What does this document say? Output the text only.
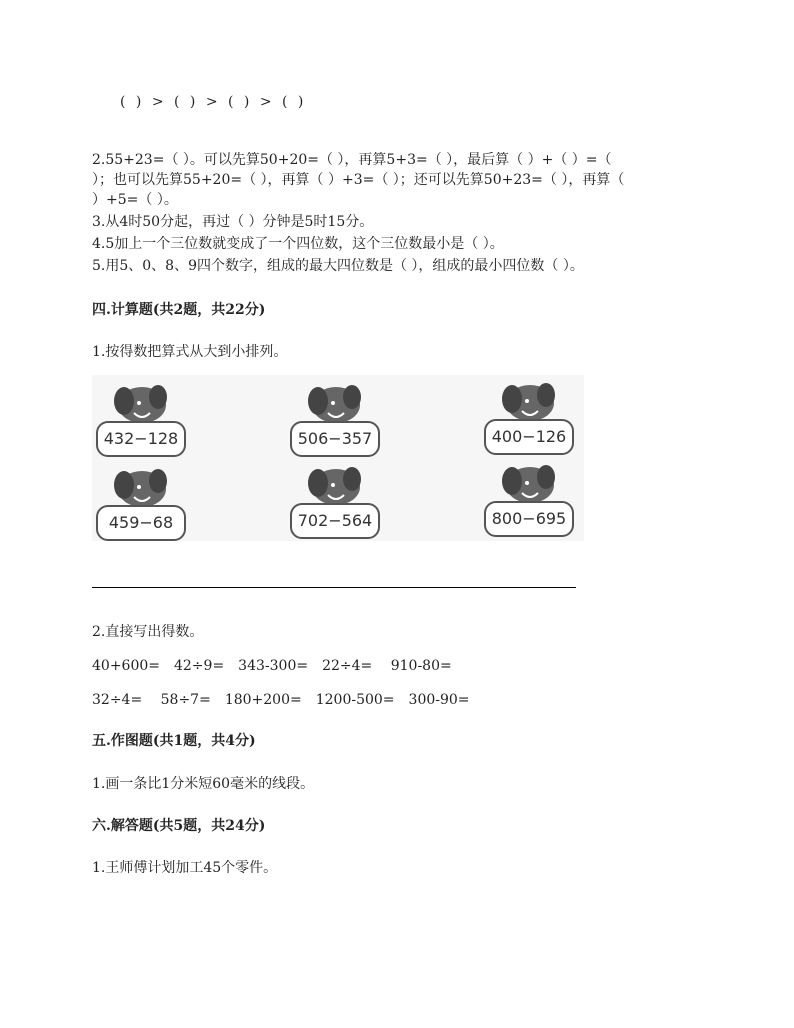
( ) > ( ) > ( ) > ( )
2.55+23=（ ）。可以先算50+20=（ ），再算5+3=（ ），最后算（ ）+（ ）=（
）；也可以先算55+20=（ ），再算（ ）+3=（ ）；还可以先算50+23=（ ），再算（
）+5=（ ）。
3.从4时50分起，再过（ ）分钟是5时15分。
4.5加上一个三位数就变成了一个四位数，这个三位数最小是（ ）。
5.用5、0、8、9四个数字，组成的最大四位数是（ ），组成的最小四位数（ ）。
四.计算题(共2题，共22分)
1.按得数把算式从大到小排列。
432−128	506−357	400−126
459−68	702−564	800−695
2.直接写出得数。
40+600=　42÷9=　343-300=　22÷4=　 910-80=
32÷4=　 58÷7=　180+200=　1200-500=　300-90=
五.作图题(共1题，共4分)
1.画一条比1分米短60毫米的线段。
六.解答题(共5题，共24分)
1.王师傅计划加工45个零件。
